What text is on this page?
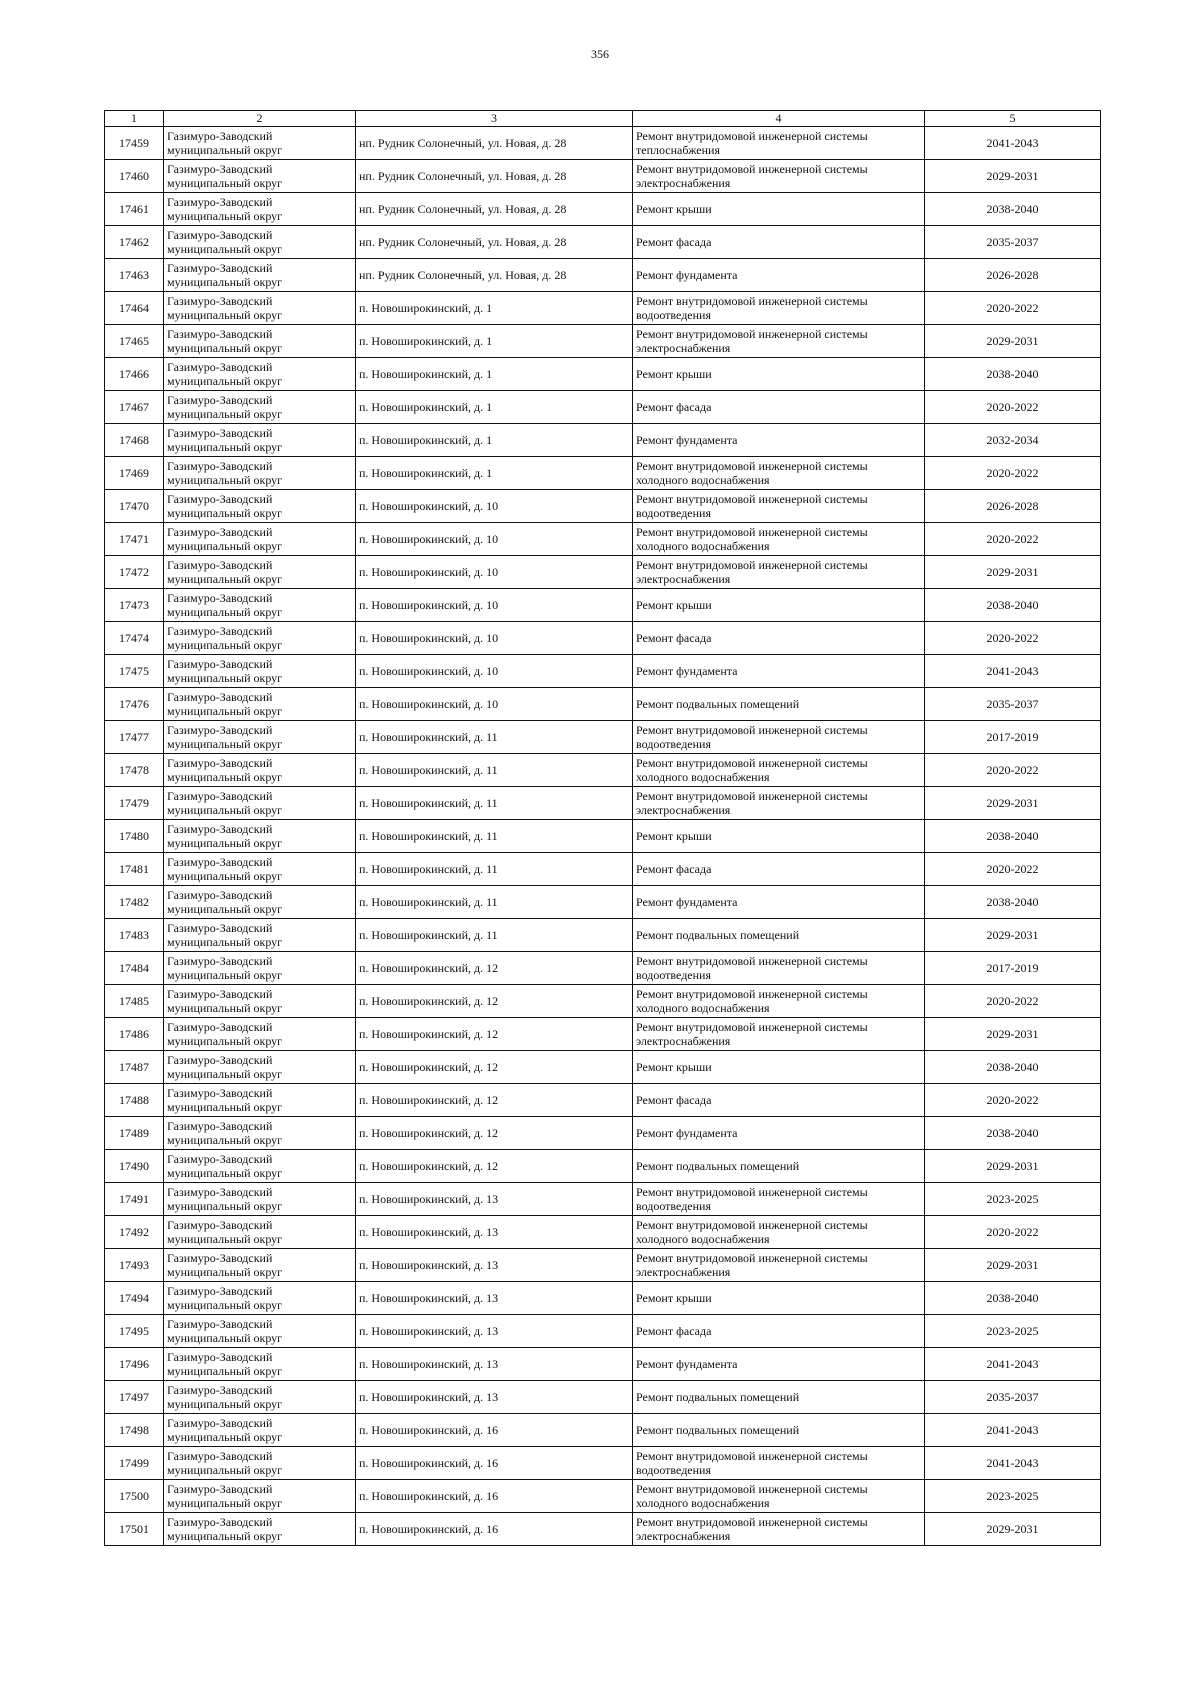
356
1	2	3	4	5
17459	Газимуро-Заводский муниципальный округ	нп. Рудник Солонечный, ул. Новая, д. 28	Ремонт внутридомовой инженерной системы теплоснабжения	2041-2043
17460	Газимуро-Заводский муниципальный округ	нп. Рудник Солонечный, ул. Новая, д. 28	Ремонт внутридомовой инженерной системы электроснабжения	2029-2031
17461	Газимуро-Заводский муниципальный округ	нп. Рудник Солонечный, ул. Новая, д. 28	Ремонт крыши	2038-2040
17462	Газимуро-Заводский муниципальный округ	нп. Рудник Солонечный, ул. Новая, д. 28	Ремонт фасада	2035-2037
17463	Газимуро-Заводский муниципальный округ	нп. Рудник Солонечный, ул. Новая, д. 28	Ремонт фундамента	2026-2028
17464	Газимуро-Заводский муниципальный округ	п. Новоширокинский, д. 1	Ремонт внутридомовой инженерной системы водоотведения	2020-2022
17465	Газимуро-Заводский муниципальный округ	п. Новоширокинский, д. 1	Ремонт внутридомовой инженерной системы электроснабжения	2029-2031
17466	Газимуро-Заводский муниципальный округ	п. Новоширокинский, д. 1	Ремонт крыши	2038-2040
17467	Газимуро-Заводский муниципальный округ	п. Новоширокинский, д. 1	Ремонт фасада	2020-2022
17468	Газимуро-Заводский муниципальный округ	п. Новоширокинский, д. 1	Ремонт фундамента	2032-2034
17469	Газимуро-Заводский муниципальный округ	п. Новоширокинский, д. 1	Ремонт внутридомовой инженерной системы холодного водоснабжения	2020-2022
17470	Газимуро-Заводский муниципальный округ	п. Новоширокинский, д. 10	Ремонт внутридомовой инженерной системы водоотведения	2026-2028
17471	Газимуро-Заводский муниципальный округ	п. Новоширокинский, д. 10	Ремонт внутридомовой инженерной системы холодного водоснабжения	2020-2022
17472	Газимуро-Заводский муниципальный округ	п. Новоширокинский, д. 10	Ремонт внутридомовой инженерной системы электроснабжения	2029-2031
17473	Газимуро-Заводский муниципальный округ	п. Новоширокинский, д. 10	Ремонт крыши	2038-2040
17474	Газимуро-Заводский муниципальный округ	п. Новоширокинский, д. 10	Ремонт фасада	2020-2022
17475	Газимуро-Заводский муниципальный округ	п. Новоширокинский, д. 10	Ремонт фундамента	2041-2043
17476	Газимуро-Заводский муниципальный округ	п. Новоширокинский, д. 10	Ремонт подвальных помещений	2035-2037
17477	Газимуро-Заводский муниципальный округ	п. Новоширокинский, д. 11	Ремонт внутридомовой инженерной системы водоотведения	2017-2019
17478	Газимуро-Заводский муниципальный округ	п. Новоширокинский, д. 11	Ремонт внутридомовой инженерной системы холодного водоснабжения	2020-2022
17479	Газимуро-Заводский муниципальный округ	п. Новоширокинский, д. 11	Ремонт внутридомовой инженерной системы электроснабжения	2029-2031
17480	Газимуро-Заводский муниципальный округ	п. Новоширокинский, д. 11	Ремонт крыши	2038-2040
17481	Газимуро-Заводский муниципальный округ	п. Новоширокинский, д. 11	Ремонт фасада	2020-2022
17482	Газимуро-Заводский муниципальный округ	п. Новоширокинский, д. 11	Ремонт фундамента	2038-2040
17483	Газимуро-Заводский муниципальный округ	п. Новоширокинский, д. 11	Ремонт подвальных помещений	2029-2031
17484	Газимуро-Заводский муниципальный округ	п. Новоширокинский, д. 12	Ремонт внутридомовой инженерной системы водоотведения	2017-2019
17485	Газимуро-Заводский муниципальный округ	п. Новоширокинский, д. 12	Ремонт внутридомовой инженерной системы холодного водоснабжения	2020-2022
17486	Газимуро-Заводский муниципальный округ	п. Новоширокинский, д. 12	Ремонт внутридомовой инженерной системы электроснабжения	2029-2031
17487	Газимуро-Заводский муниципальный округ	п. Новоширокинский, д. 12	Ремонт крыши	2038-2040
17488	Газимуро-Заводский муниципальный округ	п. Новоширокинский, д. 12	Ремонт фасада	2020-2022
17489	Газимуро-Заводский муниципальный округ	п. Новоширокинский, д. 12	Ремонт фундамента	2038-2040
17490	Газимуро-Заводский муниципальный округ	п. Новоширокинский, д. 12	Ремонт подвальных помещений	2029-2031
17491	Газимуро-Заводский муниципальный округ	п. Новоширокинский, д. 13	Ремонт внутридомовой инженерной системы водоотведения	2023-2025
17492	Газимуро-Заводский муниципальный округ	п. Новоширокинский, д. 13	Ремонт внутридомовой инженерной системы холодного водоснабжения	2020-2022
17493	Газимуро-Заводский муниципальный округ	п. Новоширокинский, д. 13	Ремонт внутридомовой инженерной системы электроснабжения	2029-2031
17494	Газимуро-Заводский муниципальный округ	п. Новоширокинский, д. 13	Ремонт крыши	2038-2040
17495	Газимуро-Заводский муниципальный округ	п. Новоширокинский, д. 13	Ремонт фасада	2023-2025
17496	Газимуро-Заводский муниципальный округ	п. Новоширокинский, д. 13	Ремонт фундамента	2041-2043
17497	Газимуро-Заводский муниципальный округ	п. Новоширокинский, д. 13	Ремонт подвальных помещений	2035-2037
17498	Газимуро-Заводский муниципальный округ	п. Новоширокинский, д. 16	Ремонт подвальных помещений	2041-2043
17499	Газимуро-Заводский муниципальный округ	п. Новоширокинский, д. 16	Ремонт внутридомовой инженерной системы водоотведения	2041-2043
17500	Газимуро-Заводский муниципальный округ	п. Новоширокинский, д. 16	Ремонт внутридомовой инженерной системы холодного водоснабжения	2023-2025
17501	Газимуро-Заводский муниципальный округ	п. Новоширокинский, д. 16	Ремонт внутридомовой инженерной системы электроснабжения	2029-2031
